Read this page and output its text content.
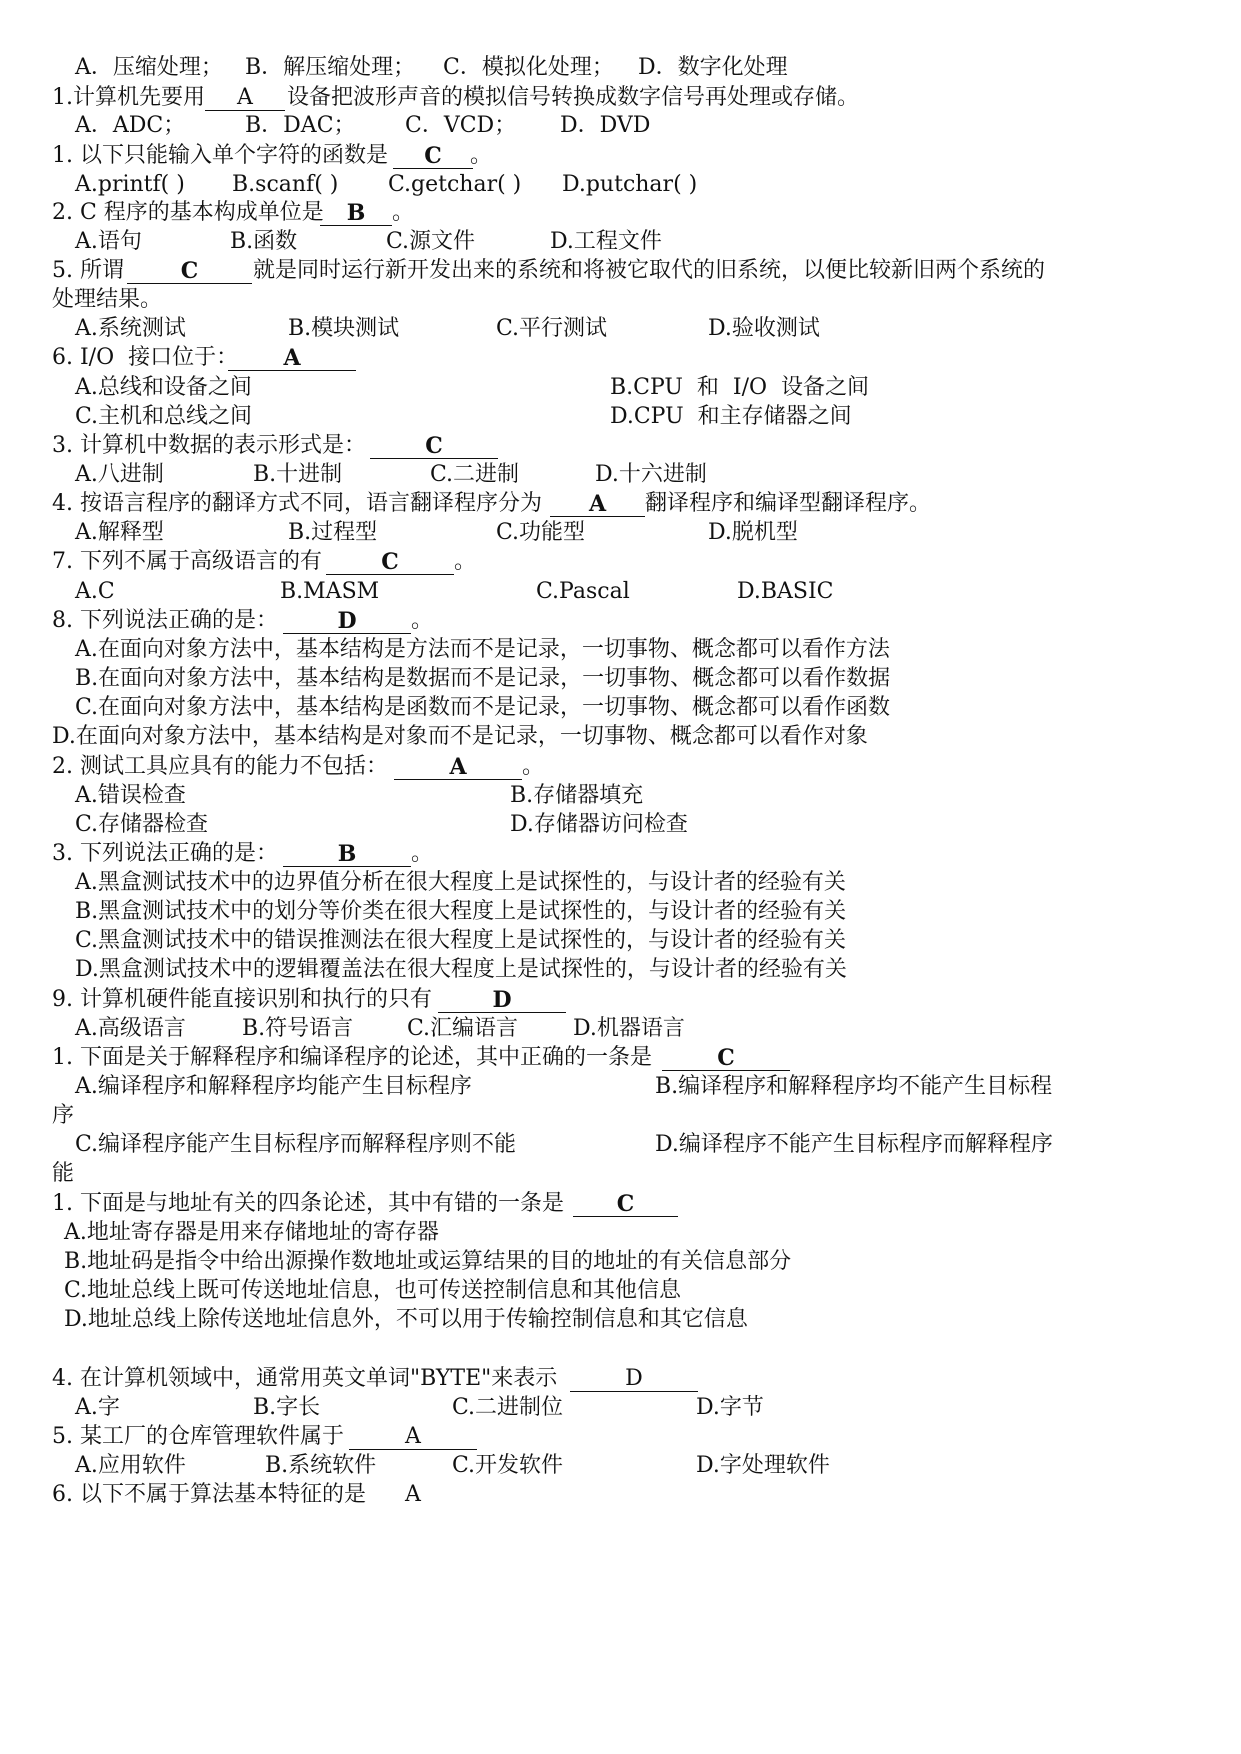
A．压缩处理； B．解压缩处理； C．模拟化处理； D．数字化处理
1.计算机先要用	A	设备把波形声音的模拟信号转换成数字信号再处理或存储。
A．ADC；	B．DAC； C．VCD； D．DVD
1. 以下只能输入单个字符的函数是	C	。
A.printf( ) B.scanf( ) C.getchar( ) D.putchar( )
2. C 程序的基本构成单位是	B	。
A.语句	B.函数	C.源文件	D.工程文件
5. 所谓	C	就是同时运行新开发出来的系统和将被它取代的旧系统，以便比较新旧两个系统的
处理结果。
A.系统测试	B.模块测试	C.平行测试	D.验收测试
6. I/O  接口位于：	A
A.总线和设备之间	B.CPU  和  I/O  设备之间
C.主机和总线之间	D.CPU  和主存储器之间
3. 计算机中数据的表示形式是：	C
A.八进制	B.十进制	C.二进制	D.十六进制
4. 按语言程序的翻译方式不同，语言翻译程序分为	A	翻译程序和编译型翻译程序。
A.解释型	B.过程型	C.功能型	D.脱机型
7. 下列不属于高级语言的有	C	。
A.C	B.MASM	C.Pascal	D.BASIC
8. 下列说法正确的是：	D	。
A.在面向对象方法中，基本结构是方法而不是记录，一切事物、概念都可以看作方法
B.在面向对象方法中，基本结构是数据而不是记录，一切事物、概念都可以看作数据
C.在面向对象方法中，基本结构是函数而不是记录，一切事物、概念都可以看作函数
D.在面向对象方法中，基本结构是对象而不是记录，一切事物、概念都可以看作对象
2. 测试工具应具有的能力不包括：	A	。
A.错误检查	B.存储器填充
C.存储器检查	D.存储器访问检查
3. 下列说法正确的是：	B	。
A.黑盒测试技术中的边界值分析在很大程度上是试探性的，与设计者的经验有关
B.黑盒测试技术中的划分等价类在很大程度上是试探性的，与设计者的经验有关
C.黑盒测试技术中的错误推测法在很大程度上是试探性的，与设计者的经验有关
D.黑盒测试技术中的逻辑覆盖法在很大程度上是试探性的，与设计者的经验有关
9. 计算机硬件能直接识别和执行的只有	D
A.高级语言	B.符号语言 C.汇编语言 D.机器语言
1. 下面是关于解释程序和编译程序的论述，其中正确的一条是	C
A.编译程序和解释程序均能产生目标程序	B.编译程序和解释程序均不能产生目标程
序
C.编译程序能产生目标程序而解释程序则不能	D.编译程序不能产生目标程序而解释程序
能
1. 下面是与地址有关的四条论述，其中有错的一条是	C
A.地址寄存器是用来存储地址的寄存器
B.地址码是指令中给出源操作数地址或运算结果的目的地址的有关信息部分
C.地址总线上既可传送地址信息，也可传送控制信息和其他信息
D.地址总线上除传送地址信息外，不可以用于传输控制信息和其它信息
4. 在计算机领域中，通常用英文单词"BYTE"来表示	D
A.字	B.字长	C.二进制位	D.字节
5. 某工厂的仓库管理软件属于	A
A.应用软件	B.系统软件	C.开发软件	D.字处理软件
6. 以下不属于算法基本特征的是 A
